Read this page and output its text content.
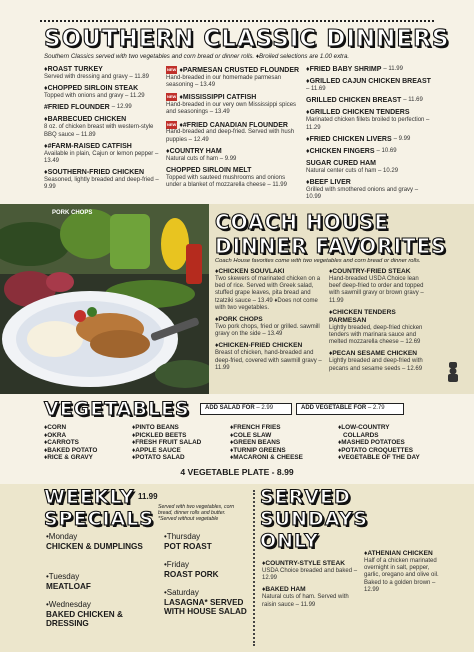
SOUTHERN CLASSIC DINNERS
Southern Classics served with two vegetables and corn bread or dinner rolls. ♦Broiled selections are 1.00 extra.
♦ROAST TURKEY
Served with dressing and gravy – 11.89
♦CHOPPED SIRLOIN STEAK
Topped with onions and gravy – 11.29
#FRIED FLOUNDER – 12.99
♦BARBECUED CHICKEN
8 oz. of chicken breast with western-style BBQ sauce – 11.89
♦#FARM-RAISED CATFISH
Available in plain, Cajun or lemon pepper – 13.49
♦SOUTHERN-FRIED CHICKEN
Seasoned, lightly breaded and deep-fried – 9.99
NEW ♦PARMESAN CRUSTED FLOUNDER
Hand-breaded in our homemade parmesan seasoning – 13.49
NEW ♦MISSISSIPPI CATFISH
Hand-breaded in our very own Mississippi spices and seasonings – 13.49
NEW ♦#FRIED CANADIAN FLOUNDER
Hand-breaded and deep-fried. Served with hush puppies – 12.49
♦COUNTRY HAM
Natural cuts of ham – 9.99
CHOPPED SIRLOIN MELT
Topped with sauteed mushrooms and onions under a blanket of mozzarella cheese – 11.99
♦FRIED BABY SHRIMP – 11.99
♦GRILLED CAJUN CHICKEN BREAST – 11.69
GRILLED CHICKEN BREAST – 11.69
♦GRILLED CHICKEN TENDERS
Marinated chicken fillets broiled to perfection – 11.29
♦FRIED CHICKEN LIVERS – 9.99
♦CHICKEN FINGERS – 10.69
SUGAR CURED HAM
Natural center cuts of ham – 10.29
♦BEEF LIVER
Grilled with smothered onions and gravy – 10.99
PORK CHOPS	COACH HOUSE
DINNER FAVORITES
Coach House favorites come with two vegetables and corn bread or dinner rolls.
♦CHICKEN SOUVLAKI
Two skewers of marinated chicken on a bed of rice. Served with Greek salad, stuffed grape leaves, pita bread and tzatziki sauce – 13.49 ♦Does not come with two vegetables.
♦PORK CHOPS
Two pork chops, fried or grilled. sawmill gravy on the side – 13.49
♦CHICKEN-FRIED CHICKEN
Breast of chicken, hand-breaded and deep-fried, covered with sawmill gravy – 11.99
♦COUNTRY-FRIED STEAK
Hand-breaded USDA Choice lean beef deep-fried to order and topped with sawmill gravy or brown gravy – 11.99
♦CHICKEN TENDERS PARMESAN
Lightly breaded, deep-fried chicken tenders with marinara sauce and melted mozzarella cheese – 12.69
♦PECAN SESAME CHICKEN
Lightly breaded and deep-fried with pecans and sesame seeds – 12.69
VEGETABLES	ADD SALAD FOR – 2.99	ADD VEGETABLE FOR – 2.79
♦CORN
♦OKRA
♦CARROTS
♦BAKED POTATO
♦RICE & GRAVY
♦PINTO BEANS
♦PICKLED BEETS
♦FRESH FRUIT SALAD
♦APPLE SAUCE
♦POTATO SALAD
♦FRENCH FRIES
♦COLE SLAW
♦GREEN BEANS
♦TURNIP GREENS
♦MACARONI & CHEESE
♦LOW-COUNTRY
COLLARDS
♦MASHED POTATOES
♦POTATO CROQUETTES
♦VEGETABLE OF THE DAY
4 VEGETABLE PLATE - 8.99
WEEKLY
SPECIALS
11.99
Served with two vegetables, corn bread, dinner rolls and butter. *Served without vegetable
•Monday
CHICKEN & DUMPLINGS
•Tuesday
MEATLOAF
•Wednesday
BAKED CHICKEN & DRESSING
•Thursday
POT ROAST
•Friday
ROAST PORK
•Saturday
LASAGNA* SERVED WITH HOUSE SALAD
SERVED
SUNDAYS
ONLY
♦COUNTRY-STYLE STEAK
USDA Choice breaded and baked – 12.99
♦BAKED HAM
Natural cuts of ham. Served with raisin sauce – 11.99
♦ATHENIAN CHICKEN
Half of a chicken marinated overnight in salt, pepper, garlic, oregano and olive oil. Baked to a golden brown – 12.99
